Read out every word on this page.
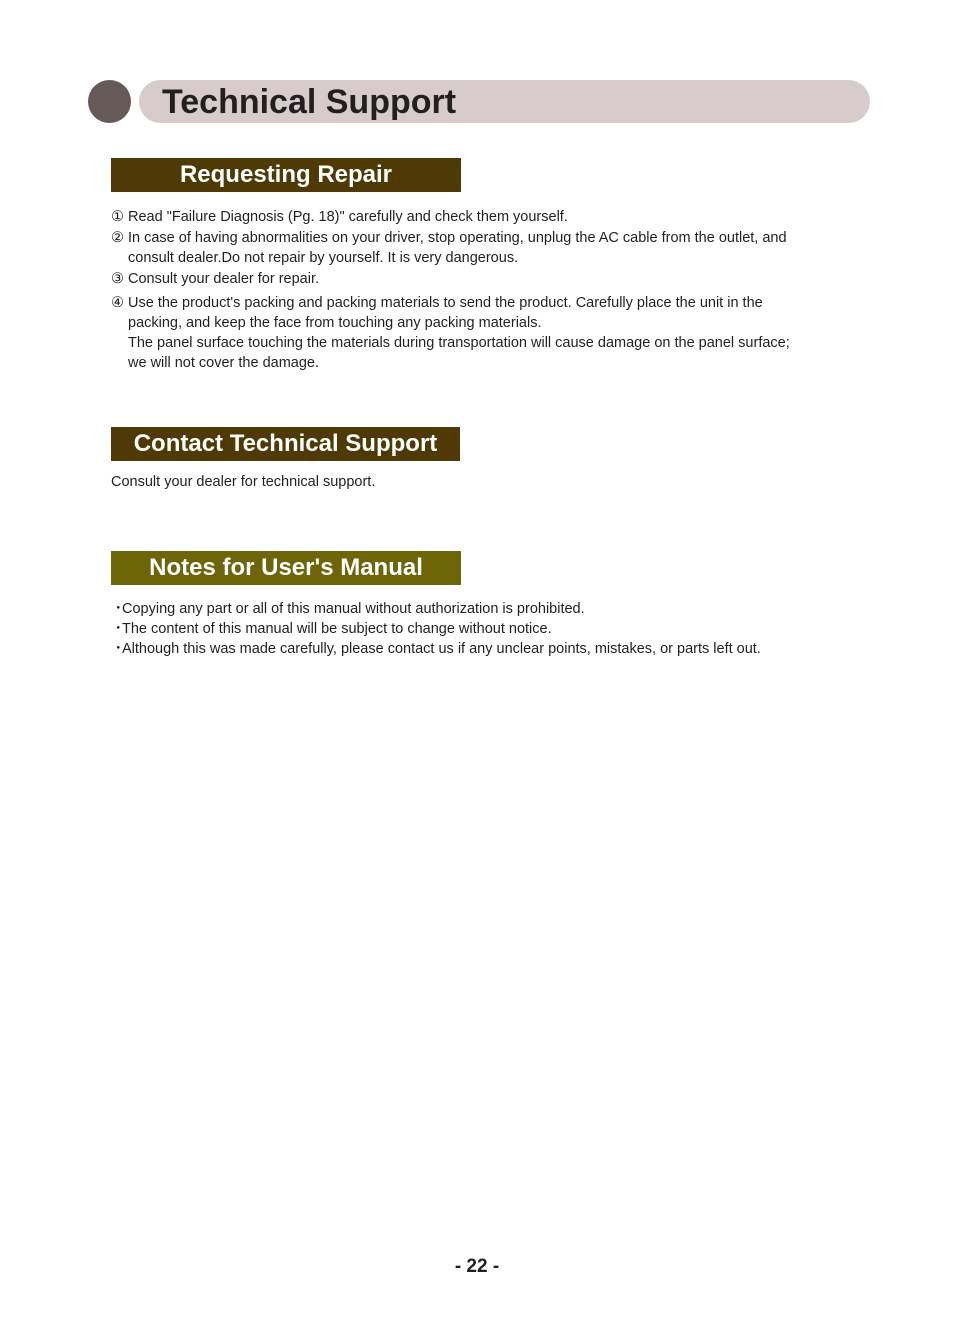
Technical Support
Requesting Repair
① Read "Failure Diagnosis (Pg. 18)" carefully and check them yourself.
② In case of having abnormalities on your driver, stop operating, unplug the AC cable from the outlet, and
consult dealer.Do not repair by yourself. It is very dangerous.
③ Consult your dealer for repair.
④ Use the product's packing and packing materials to send the product. Carefully place the unit in the
packing, and keep the face from touching any packing materials.
The panel surface touching the materials during transportation will cause damage on the panel surface;
we will not cover the damage.
Contact Technical Support
Consult your dealer for technical support.
Notes for User's Manual
・
Copying any part or all of this manual without authorization is prohibited.
・
The content of this manual will be subject to change without notice.
・
Although this was made carefully, please contact us if any unclear points, mistakes, or parts left out.
- 22 -
